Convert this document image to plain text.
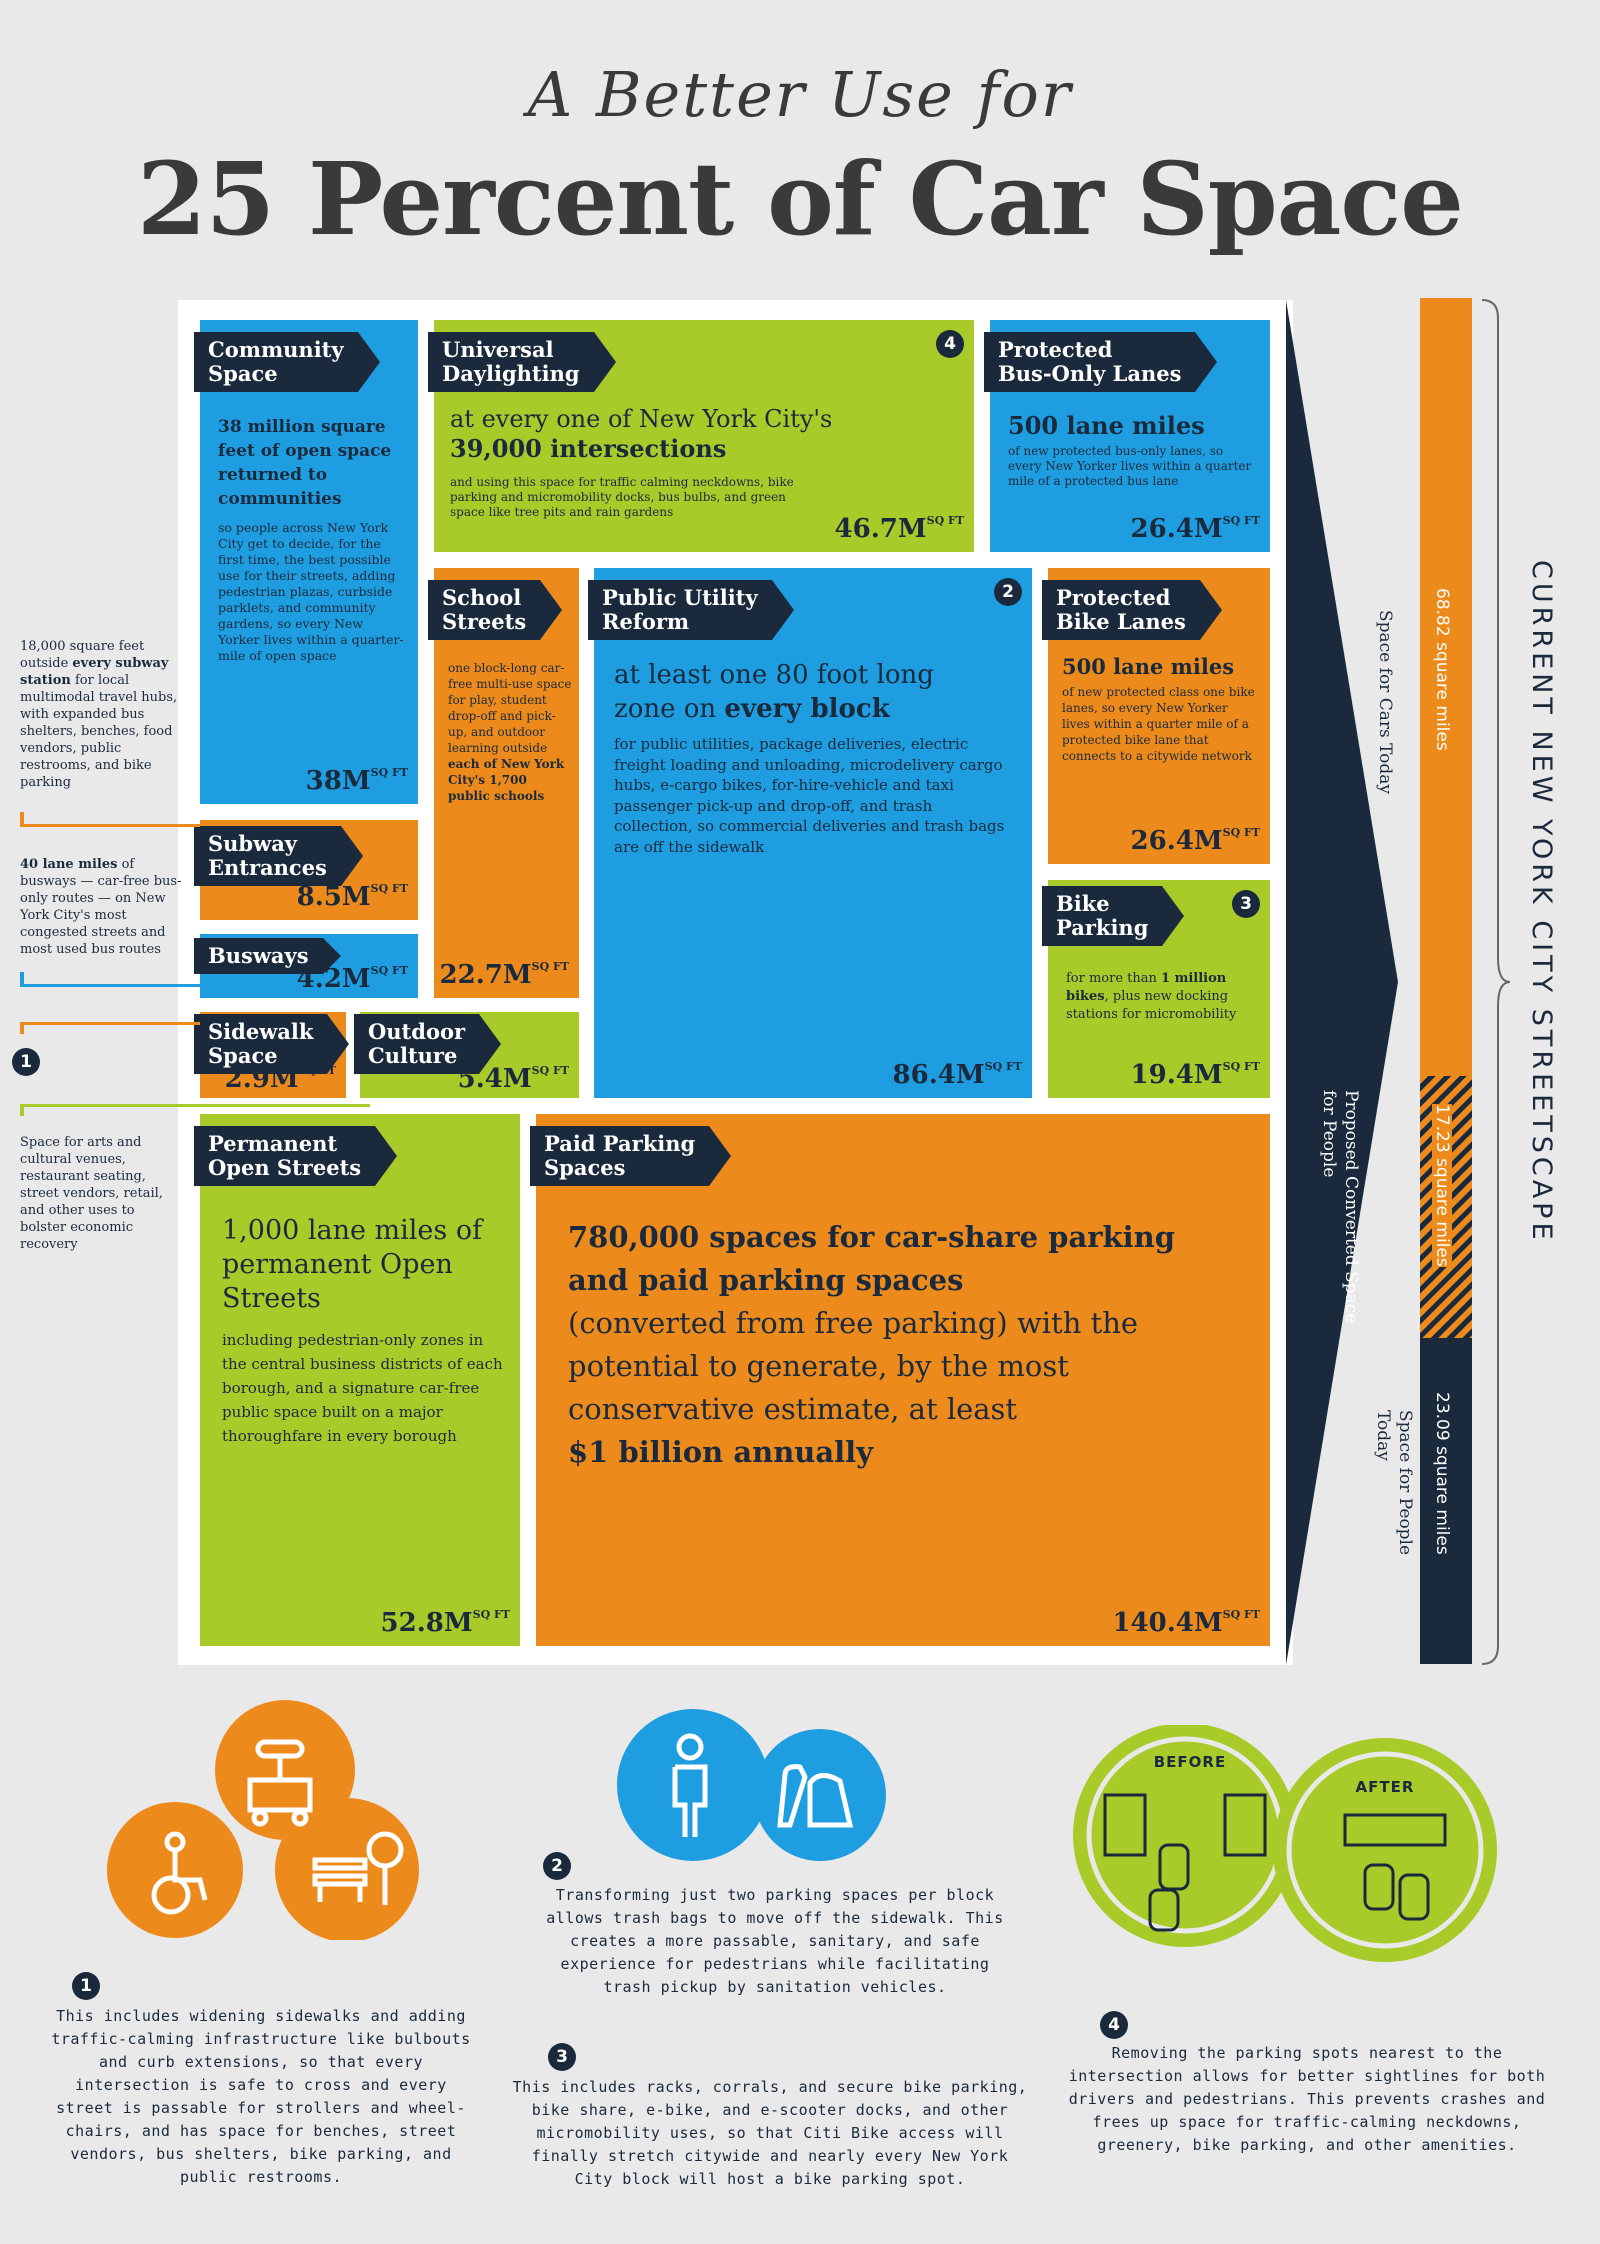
A Better Use for
25 Percent of Car Space
Community
Space
38 million square feet of open space returned to communities
so people across New York City get to decide, for the first time, the best possible use for their streets, adding pedestrian plazas, curbside parklets, and community gardens, so every New Yorker lives within a quarter-mile of open space
$38M^{SQ FT}$
Universal
Daylighting
4
at every one of New York City's
39,000 intersections
and using this space for traffic calming neckdowns, bike parking and micromobility docks, bus bulbs, and green space like tree pits and rain gardens
$46.7M^{SQ FT}$
Protected
Bus-Only Lanes
500 lane miles
of new protected bus-only lanes, so every New Yorker lives within a quarter mile of a protected bus lane
$26.4M^{SQ FT}$
School
Streets
one block-long car-free multi-use space for play, student drop-off and pick-up, and outdoor learning outside each of New York City's 1,700 public schools
$22.7M^{SQ FT}$
Public Utility
Reform
2
at least one 80 foot long
zone on every block
for public utilities, package deliveries, electric freight loading and unloading, microdelivery cargo hubs, e-cargo bikes, for-hire-vehicle and taxi passenger pick-up and drop-off, and trash collection, so commercial deliveries and trash bags are off the sidewalk
$86.4M^{SQ FT}$
Protected
Bike Lanes
500 lane miles
of new protected class one bike lanes, so every New Yorker lives within a quarter mile of a protected bike lane that connects to a citywide network
$26.4M^{SQ FT}$
Subway
Entrances
$8.5M^{SQ FT}$
Busways
$4.2M^{SQ FT}$
Bike
Parking
3
for more than 1 million bikes, plus new docking stations for micromobility
$19.4M^{SQ FT}$
Sidewalk
Space
$2.9M^{SQ FT}$
Outdoor
Culture
$5.4M^{SQ FT}$
Permanent
Open Streets
1,000 lane miles of permanent Open Streets
including pedestrian-only zones in the central business districts of each borough, and a signature car-free public space built on a major thoroughfare in every borough
$52.8M^{SQ FT}$
Paid Parking
Spaces
780,000 spaces for car-share parking and paid parking spaces
(converted from free parking) with the potential to generate, by the most conservative estimate, at least
$1 billion annually
$140.4M^{SQ FT}$
18,000 square feet outside every subway station for local multimodal travel hubs, with expanded bus shelters, benches, food vendors, public restrooms, and bike parking
40 lane miles of busways — car-free bus-only routes — on New York City's most congested streets and most used bus routes
1
Space for arts and cultural venues, restaurant seating, street vendors, retail, and other uses to bolster economic recovery
Space for Cars Today
Proposed Converted Space for People
Space for People Today
68.82 square miles
17.23 square miles
23.09 square miles
CURRENT NEW YORK CITY STREETSCAPE
1
This includes widening sidewalks and adding traffic-calming infrastructure like bulbouts and curb extensions, so that every intersection is safe to cross and every street is passable for strollers and wheel-chairs, and has space for benches, street vendors, bus shelters, bike parking, and public restrooms.
2
Transforming just two parking spaces per block allows trash bags to move off the sidewalk. This creates a more passable, sanitary, and safe experience for pedestrians while facilitating trash pickup by sanitation vehicles.
3
This includes racks, corrals, and secure bike parking, bike share, e-bike, and e-scooter docks, and other micromobility uses, so that Citi Bike access will finally stretch citywide and nearly every New York City block will host a bike parking spot.
BEFORE
AFTER
4
Removing the parking spots nearest to the intersection allows for better sightlines for both drivers and pedestrians. This prevents crashes and frees up space for traffic-calming neckdowns, greenery, bike parking, and other amenities.
